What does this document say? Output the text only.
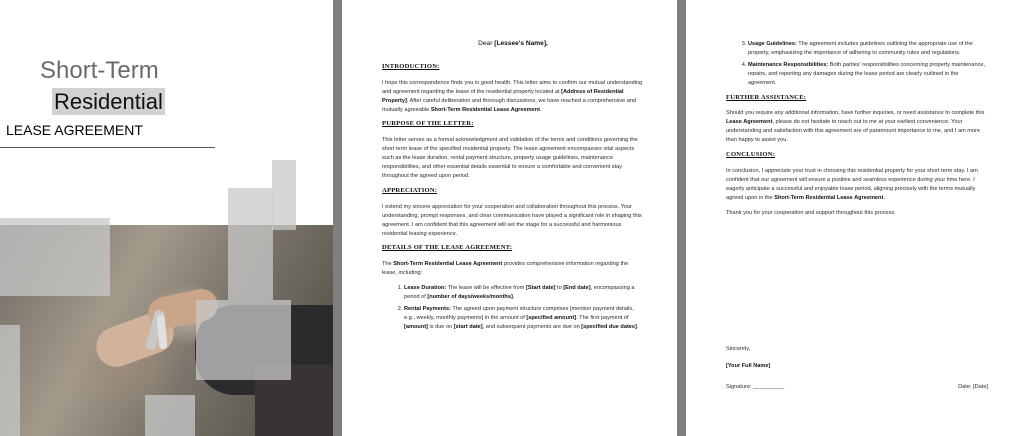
Short-Term
Residential
LEASE AGREEMENT
Dear [Lessee's Name],
INTRODUCTION:

I hope this correspondence finds you in good health. This letter aims to confirm our mutual understanding and agreement regarding the lease of the residential property located at [Address of Residential Property]. After careful deliberation and thorough discussions, we have reached a comprehensive and mutually agreeable Short-Term Residential Lease Agreement.

PURPOSE OF THE LETTER:

This letter serves as a formal acknowledgment and validation of the terms and conditions governing the short term lease of the specified residential property. The lease agreement encompasses vital aspects such as the lease duration, rental payment structure, property usage guidelines, maintenance responsibilities, and other essential details essential to ensure a comfortable and convenient stay throughout the agreed upon period.

APPRECIATION:

I extend my sincere appreciation for your cooperation and collaboration throughout this process. Your understanding, prompt responses, and clear communication have played a significant role in shaping this agreement. I am confident that this agreement will set the stage for a successful and harmonious residential leasing experience.

DETAILS OF THE LEASE AGREEMENT:

The Short-Term Residential Lease Agreement provides comprehensive information regarding the lease, including:

1. Lease Duration: The lease will be effective from [Start date] to [End date], encompassing a period of [number of days/weeks/months].
2. Rental Payments: The agreed upon payment structure comprises [mention payment details, e.g., weekly, monthly payments] in the amount of [specified amount]. The first payment of [amount] is due on [start date], and subsequent payments are due on [specified due dates].
3. Usage Guidelines: The agreement includes guidelines outlining the appropriate use of the property, emphasizing the importance of adhering to community rules and regulations.
4. Maintenance Responsibilities: Both parties' responsibilities concerning property maintenance, repairs, and reporting any damages during the lease period are clearly outlined in the agreement.
FURTHER ASSISTANCE:

Should you require any additional information, have further inquiries, or need assistance to complete this Lease Agreement, please do not hesitate to reach out to me at your earliest convenience. Your understanding and satisfaction with this agreement are of paramount importance to me, and I am more than happy to assist you.

CONCLUSION:

In conclusion, I appreciate your trust in choosing this residential property for your short term stay. I am confident that our agreement will ensure a positive and seamless experience during your time here. I eagerly anticipate a successful and enjoyable lease period, aligning precisely with the terms mutually agreed upon in the Short-Term Residential Lease Agreement.

Thank you for your cooperation and support throughout this process.

Sincerely,

[Your Full Name]

Signature: __________	Date: [Date]
